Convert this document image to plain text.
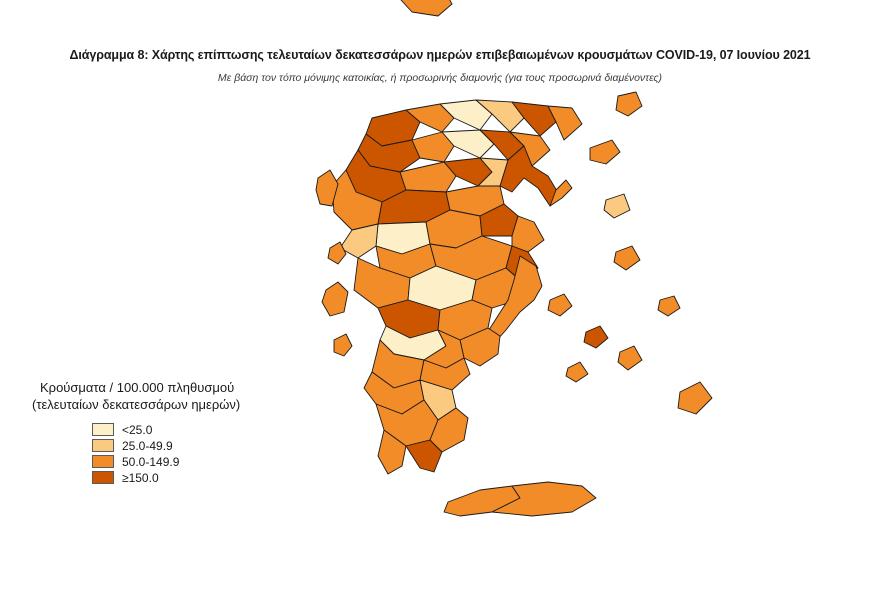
Διάγραμμα 8: Χάρτης επίπτωσης τελευταίων δεκατεσσάρων ημερών επιβεβαιωμένων κρουσμάτων COVID-19, 07 Ιουνίου 2021
Με βάση τον τόπο μόνιμης κατοικίας, ή προσωρινής διαμονής (για τους προσωρινά διαμένοντες)
Κρούσματα / 100.000 πληθυσμού
(τελευταίων δεκατεσσάρων ημερών)
<25.0
25.0-49.9
50.0-149.9
≥150.0
